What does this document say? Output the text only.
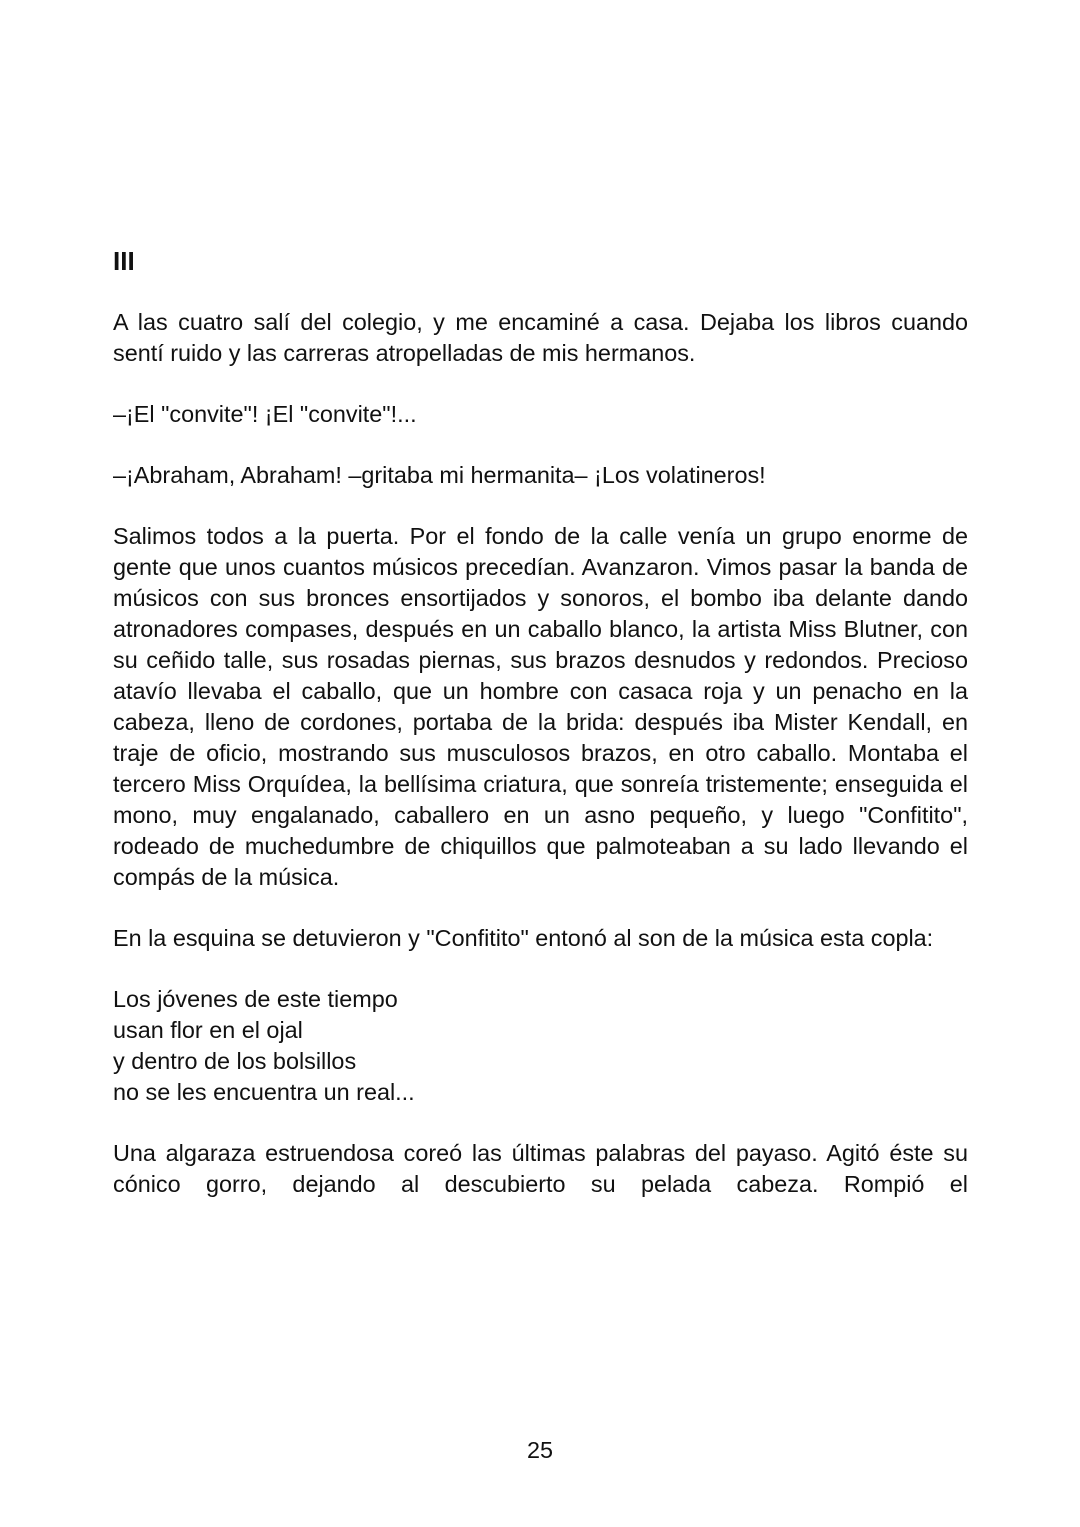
III

A las cuatro salí del colegio, y me encaminé a casa. Dejaba los libros cuando sentí ruido y las carreras atropelladas de mis hermanos.

–¡El "convite"! ¡El "convite"!...

–¡Abraham, Abraham! –gritaba mi hermanita– ¡Los volatineros!

Salimos todos a la puerta. Por el fondo de la calle venía un grupo enorme de gente que unos cuantos músicos precedían. Avanzaron. Vimos pasar la banda de músicos con sus bronces ensortijados y sonoros, el bombo iba delante dando atronadores compases, después en un caballo blanco, la artista Miss Blutner, con su ceñido talle, sus rosadas piernas, sus brazos desnudos y redondos. Precioso atavío llevaba el caballo, que un hombre con casaca roja y un penacho en la cabeza, lleno de cordones, portaba de la brida: después iba Mister Kendall, en traje de oficio, mostrando sus musculosos brazos, en otro caballo. Montaba el tercero Miss Orquídea, la bellísima criatura, que sonreía tristemente; enseguida el mono, muy engalanado, caballero en un asno pequeño, y luego "Confitito", rodeado de muchedumbre de chiquillos que palmoteaban a su lado llevando el compás de la música.

En la esquina se detuvieron y "Confitito" entonó al son de la música esta copla:

Los jóvenes de este tiempo
usan flor en el ojal
y dentro de los bolsillos
no se les encuentra un real...

Una algaraza estruendosa coreó las últimas palabras del payaso. Agitó éste su cónico gorro, dejando al descubierto su pelada cabeza. Rompió el

25
